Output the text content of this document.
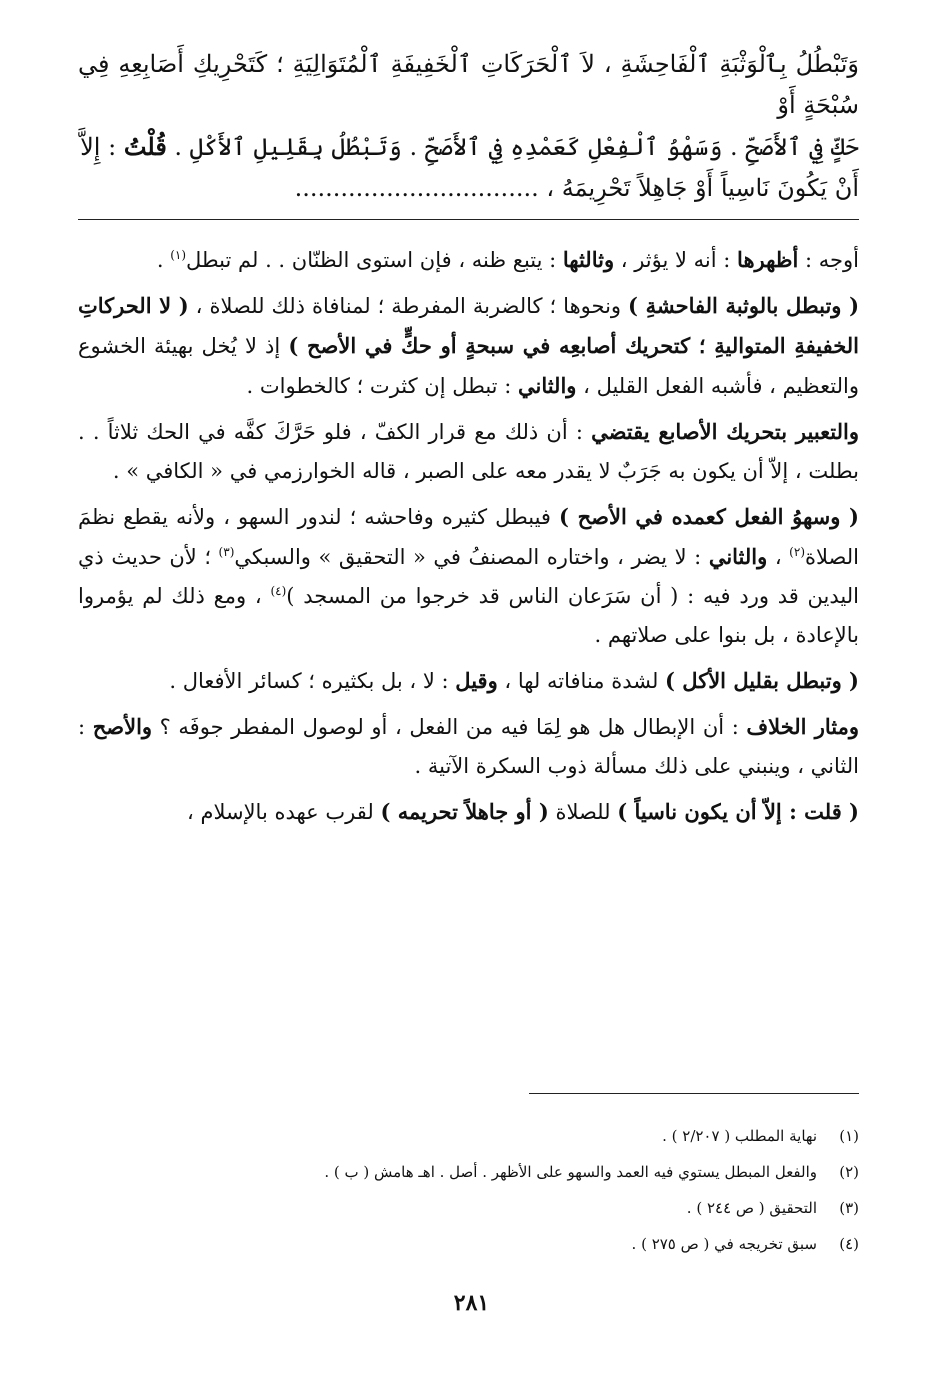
وَتَبْطُلُ بِٱلْوَثْبَةِ ٱلْفَاحِشَةِ ، لاَ ٱلْحَرَكَاتِ ٱلْخَفِيفَةِ ٱلْمُتَوَالِيَةِ ؛ كَتَحْرِيكِ أَصَابِعِهِ فِي سُبْحَةٍ أَوْ

حَكٍّ فِي ٱلأَصَحِّ . وَسَهْوُ ٱلْفِعْلِ كَعَمْدِهِ فِي ٱلأَصَحِّ . وَتَبْطُلُ بِقَلِيلِ ٱلأَكْلِ . قُلْتُ : إِلاَّ

أَنْ يَكُونَ نَاسِياً أَوْ جَاهِلاً تَحْرِيمَهُ ، ................................

أوجه : أظهرها : أنه لا يؤثر ، وثالثها : يتبع ظنه ، فإن استوى الظنّان . . لم تبطل$^{(١)}$ .

( وتبطل بالوثبة الفاحشةِ ) ونحوها ؛ كالضربة المفرطة ؛ لمنافاة ذلك للصلاة ، ( لا الحركاتِ الخفيفةِ المتواليةِ ؛ كتحريك أصابعِه في سبحةٍ أو حكٍّ في الأصح ) إذ لا يُخل بهيئة الخشوع والتعظيم ، فأشبه الفعل القليل ، والثاني : تبطل إن كثرت ؛ كالخطوات .

والتعبير بتحريك الأصابع يقتضي : أن ذلك مع قرار الكفّ ، فلو حَرَّكَ كفَّه في الحك ثلاثاً . . بطلت ، إلاّ أن يكون به جَرَبٌ لا يقدر معه على الصبر ، قاله الخوارزمي في « الكافي » .

( وسهوُ الفعل كعمده في الأصح ) فيبطل كثيره وفاحشه ؛ لندور السهو ، ولأنه يقطع نظمَ الصلاة$^{(٢)}$ ، والثاني : لا يضر ، واختاره المصنفُ في « التحقيق » والسبكي$^{(٣)}$ ؛ لأن حديث ذي اليدين قد ورد فيه : ( أن سَرَعان الناس قد خرجوا من المسجد )$^{(٤)}$ ، ومع ذلك لم يؤمروا بالإعادة ، بل بنوا على صلاتهم .

( وتبطل بقليل الأكل ) لشدة منافاته لها ، وقيل : لا ، بل بكثيره ؛ كسائر الأفعال .

ومثار الخلاف : أن الإبطال هل هو لِمَا فيه من الفعل ، أو لوصول المفطر جوفَه ؟ والأصح : الثاني ، وينبني على ذلك مسألة ذوب السكرة الآتية .

( قلت : إلاّ أن يكون ناسياً ) للصلاة ( أو جاهلاً تحريمه ) لقرب عهده بالإسلام ،

(١)
نهاية المطلب ( ٢/٢٠٧ ) .
(٢)
والفعل المبطل يستوي فيه العمد والسهو على الأظهر . أصل . اهـ هامش ( ب ) .
(٣)
التحقيق ( ص ٢٤٤ ) .
(٤)
سبق تخريجه في ( ص ٢٧٥ ) .
٢٨١
